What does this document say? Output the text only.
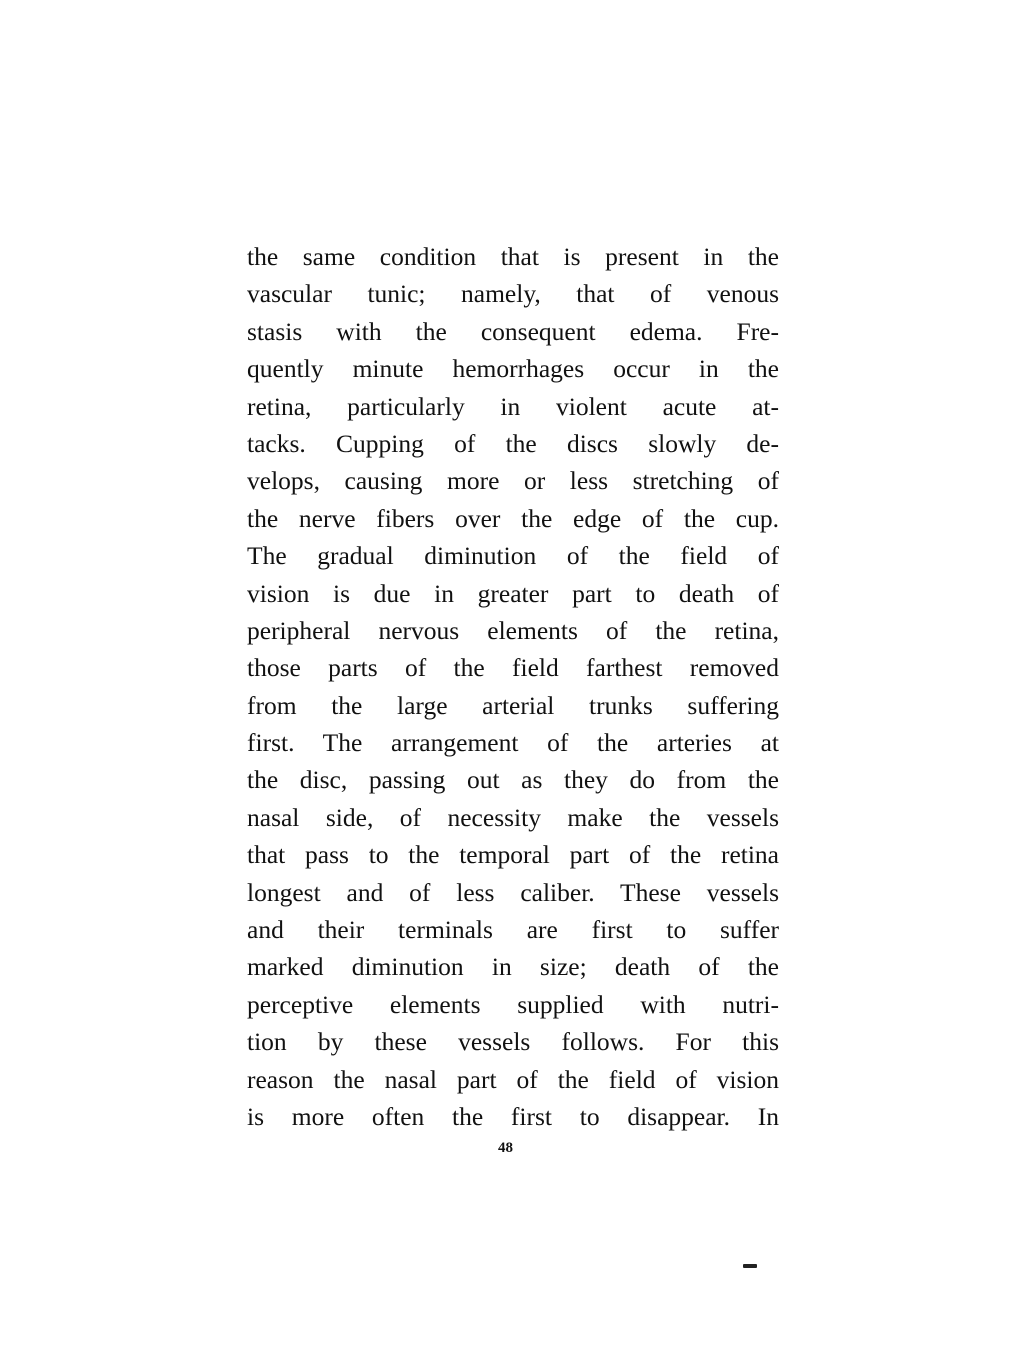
the same condition that is present in the
vascular tunic; namely, that of venous
stasis with the consequent edema. Fre-
quently minute hemorrhages occur in the
retina, particularly in violent acute at-
tacks. Cupping of the discs slowly de-
velops, causing more or less stretching of
the nerve fibers over the edge of the cup.
The gradual diminution of the field of
vision is due in greater part to death of
peripheral nervous elements of the retina,
those parts of the field farthest removed
from the large arterial trunks suffering
first. The arrangement of the arteries at
the disc, passing out as they do from the
nasal side, of necessity make the vessels
that pass to the temporal part of the retina
longest and of less caliber. These vessels
and their terminals are first to suffer
marked diminution in size; death of the
perceptive elements supplied with nutri-
tion by these vessels follows. For this
reason the nasal part of the field of vision
is more often the first to disappear. In
48
